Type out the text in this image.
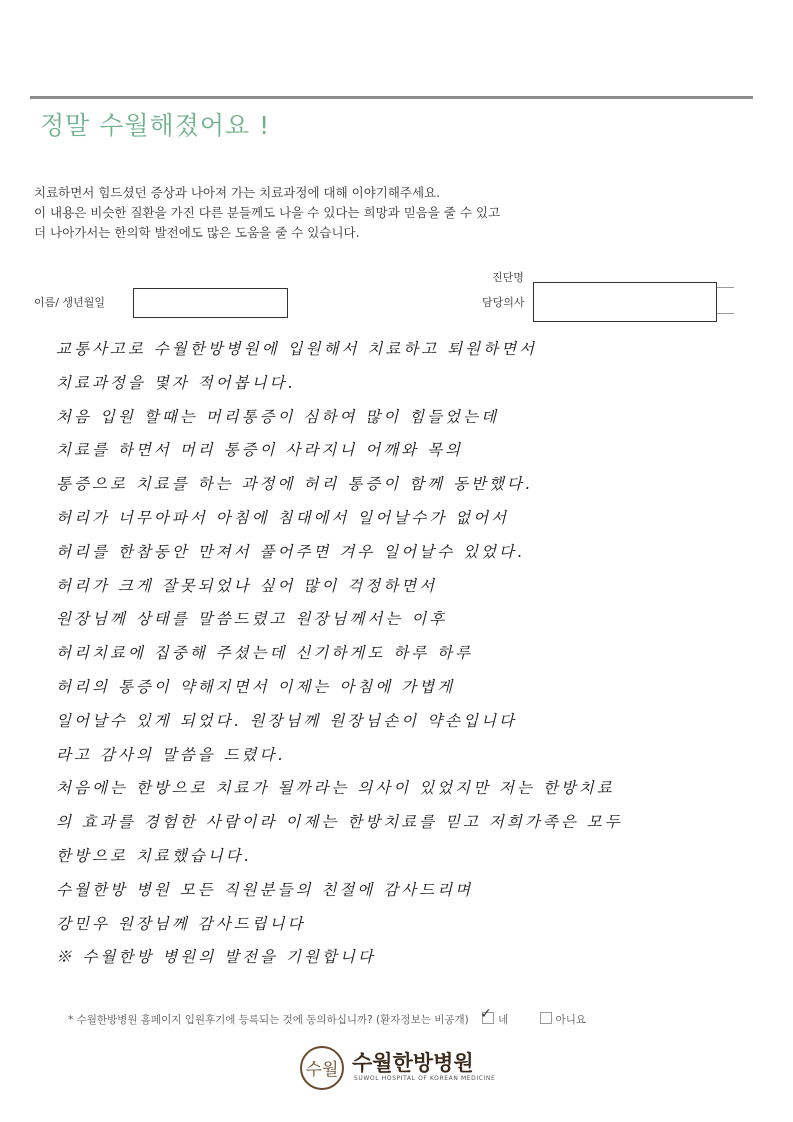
정말 수월해졌어요 !
치료하면서 힘드셨던 증상과 나아져 가는 치료과정에 대해 이야기해주세요.
이 내용은 비슷한 질환을 가진 다른 분들께도 나을 수 있다는 희망과 믿음을 줄 수 있고
더 나아가서는 한의학 발전에도 많은 도움을 줄 수 있습니다.
이름/ 생년월일
진단명
담당의사
교통사고로 수월한방병원에 입원해서 치료하고 퇴원하면서
치료과정을 몇자 적어봅니다.
처음 입원 할때는 머리통증이 심하여 많이 힘들었는데
치료를 하면서 머리 통증이 사라지니 어깨와 목의
통증으로 치료를 하는 과정에 허리 통증이 함께 동반했다.
허리가 너무아파서 아침에 침대에서 일어날수가 없어서
허리를 한참동안 만져서 풀어주면 겨우 일어날수 있었다.
허리가 크게 잘못되었나 싶어 많이 걱정하면서
원장님께 상태를 말씀드렸고 원장님께서는 이후
허리치료에 집중해 주셨는데 신기하게도 하루 하루
허리의 통증이 약해지면서 이제는 아침에 가볍게
일어날수 있게 되었다. 원장님께 원장님손이 약손입니다
라고 감사의 말씀을 드렸다.
처음에는 한방으로 치료가 될까라는 의사이 있었지만 저는 한방치료
의 효과를 경험한 사람이라 이제는 한방치료를 믿고 저희가족은 모두
한방으로 치료했습니다.
수월한방 병원 모든 직원분들의 친절에 감사드리며
강민우 원장님께 감사드립니다
※ 수월한방 병원의 발전을 기원합니다
* 수월한방병원 홈페이지 입원후기에 등록되는 것에 동의하십니까? (환자정보는 비공개) ✓	네	아니요
수월 수월한방병원
SUWOL HOSPITAL OF KOREAN MEDICINE
